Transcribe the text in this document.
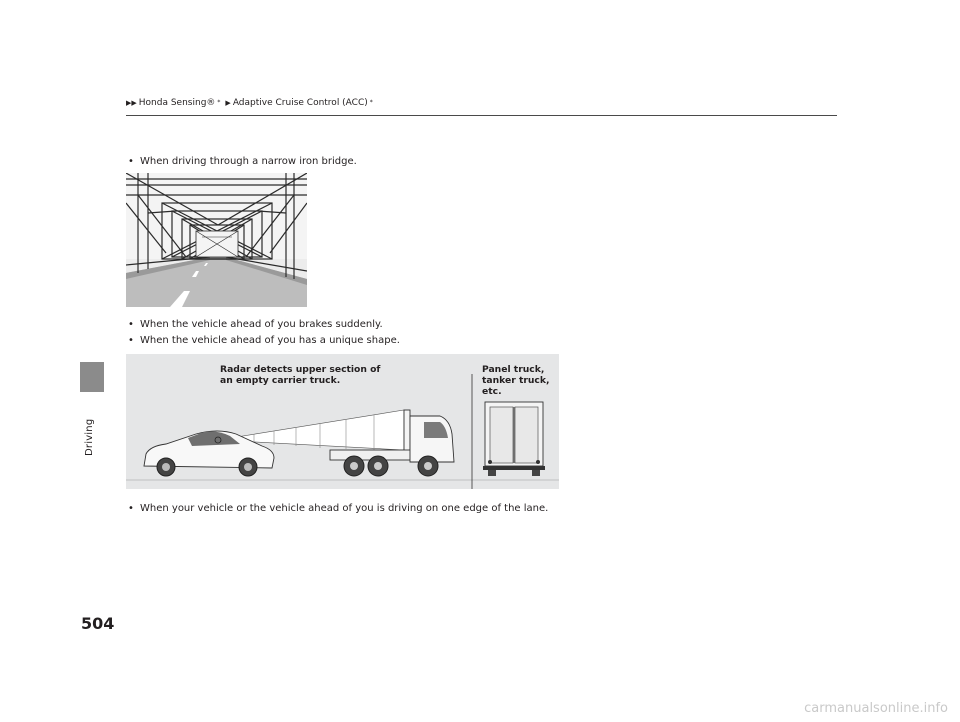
Driving
▶▶ Honda Sensing® * ▶ Adaptive Cruise Control (ACC) *
• When driving through a narrow iron bridge.
• When the vehicle ahead of you brakes suddenly.
• When the vehicle ahead of you has a unique shape.
Radar detects upper section of
an empty carrier truck.
Panel truck,
tanker truck,
etc.
• When your vehicle or the vehicle ahead of you is driving on one edge of the lane.
504
carmanualsonline.info
